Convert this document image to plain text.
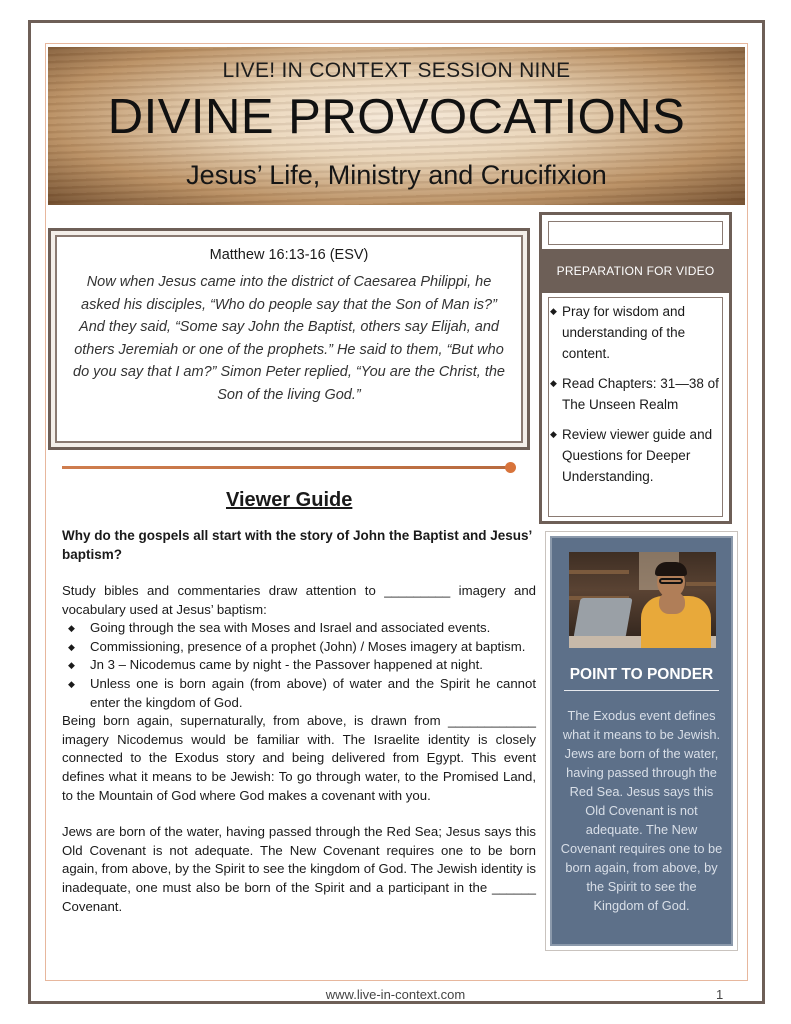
LIVE! IN CONTEXT SESSION NINE
DIVINE PROVOCATIONS
Jesus’ Life, Ministry and Crucifixion
Matthew 16:13-16 (ESV)
Now when Jesus came into the district of Caesarea Philippi, he asked his disciples, “Who do people say that the Son of Man is?” And they said, “Some say John the Baptist, others say Elijah, and others Jeremiah or one of the prophets.” He said to them, “But who do you say that I am?” Simon Peter replied, “You are the Christ, the Son of the living God.”
PREPARATION FOR VIDEO
◆ Pray for wisdom and understanding of the content.
◆ Read Chapters: 31—38 of The Unseen Realm
◆ Review viewer guide and Questions for Deeper Understanding.
Viewer Guide
Why do the gospels all start with the story of John the Baptist and Jesus’ baptism?

Study bibles and commentaries draw attention to _________ imagery and vocabulary used at Jesus’ baptism:

◆ Going through the sea with Moses and Israel and associated events.
◆ Commissioning, presence of a prophet (John) / Moses imagery at baptism.
◆ Jn 3 – Nicodemus came by night - the Passover happened at night.
◆ Unless one is born again (from above) of water and the Spirit he cannot enter the kingdom of God.

Being born again, supernaturally, from above, is drawn from ____________ imagery Nicodemus would be familiar with. The Israelite identity is closely connected to the Exodus story and being delivered from Egypt. This event defines what it means to be Jewish: To go through water, to the Promised Land, to the Mountain of God where God makes a covenant with you.

Jews are born of the water, having passed through the Red Sea; Jesus says this Old Covenant is not adequate. The New Covenant requires one to be born again, from above, by the Spirit to see the kingdom of God. The Jewish identity is inadequate, one must also be born of the Spirit and a participant in the ______ Covenant.

POINT TO PONDER
The Exodus event defines what it means to be Jewish. Jews are born of the water, having passed through the Red Sea. Jesus says this Old Covenant is not adequate. The New Covenant requires one to be born again, from above, by the Spirit to see the Kingdom of God.
www.live-in-context.com	1
